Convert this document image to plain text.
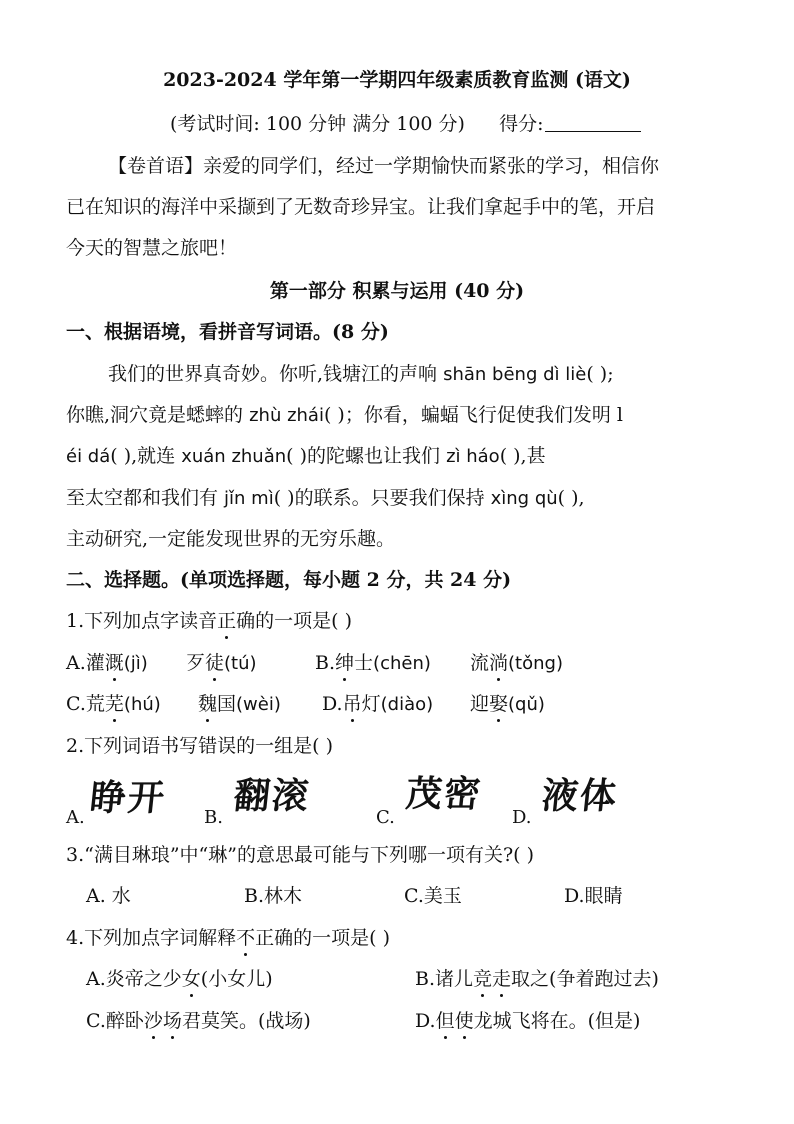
2023-2024 学年第一学期四年级素质教育监测 (语文)
(考试时间: 100 分钟 满分 100 分) 得分:
【卷首语】亲爱的同学们，经过一学期愉快而紧张的学习，相信你
已在知识的海洋中采撷到了无数奇珍异宝。让我们拿起手中的笔，开启
今天的智慧之旅吧！
第一部分 积累与运用 (40 分)
一、根据语境，看拼音写词语。(8 分)
我们的世界真奇妙。你听,钱塘江的声响 shān bēng dì liè( );
你瞧,洞穴竟是蟋蟀的 zhù zhái( )；你看，蝙蝠飞行促使我们发明 l
éi dá( ),就连 xuán zhuǎn( )的陀螺也让我们 zì háo( ),甚
至太空都和我们有 jǐn mì( )的联系。只要我们保持 xìng qù( ),
主动研究,一定能发现世界的无穷乐趣。
二、选择题。(单项选择题，每小题 2 分，共 24 分)
1.下列加点字读音正确的一项是( )
A.灌溉(jì) 歹徒(tú)	B.绅士(chēn) 流淌(tǒng)
C.荒芜(hú) 魏国(wèi) D.吊灯(diào) 迎娶(qǔ)
2.下列词语书写错误的一组是( )
A. 睁开 B.
翻滚
C.
茂密
D.
液体
3.“满目琳琅”中“琳”的意思最可能与下列哪一项有关?( )
A. 水	B.林木	C.美玉	D.眼睛
4.下列加点字词解释不正确的一项是( )
A.炎帝之少女(小女儿)	B.诸儿竞走取之(争着跑过去)
C.醉卧沙场君莫笑。(战场)	D.但使龙城飞将在。(但是)
